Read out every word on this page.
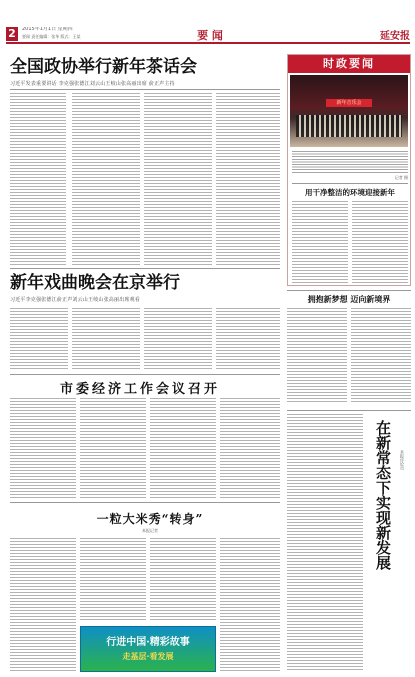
2	2015年1月1日 星期四
要闻 责任编辑：张华 版式：王某	要 闻	延安报
全国政协举行新年茶话会
习近平发表重要讲话 李克强张德江刘云山王岐山张高丽出席 俞正声主持
时政要闻
新年音乐会
记者 摄
用干净整洁的环境迎接新年
新年戏曲晚会在京举行
习近平李克强张德江俞正声刘云山王岐山张高丽出席观看	拥抱新梦想 迈向新境界
市委经济工作会议召开
在新常态下实现新发展	本报评论员
一粒大米秀“转身”
本报记者
行进中国·精彩故事
走基层·看发展
